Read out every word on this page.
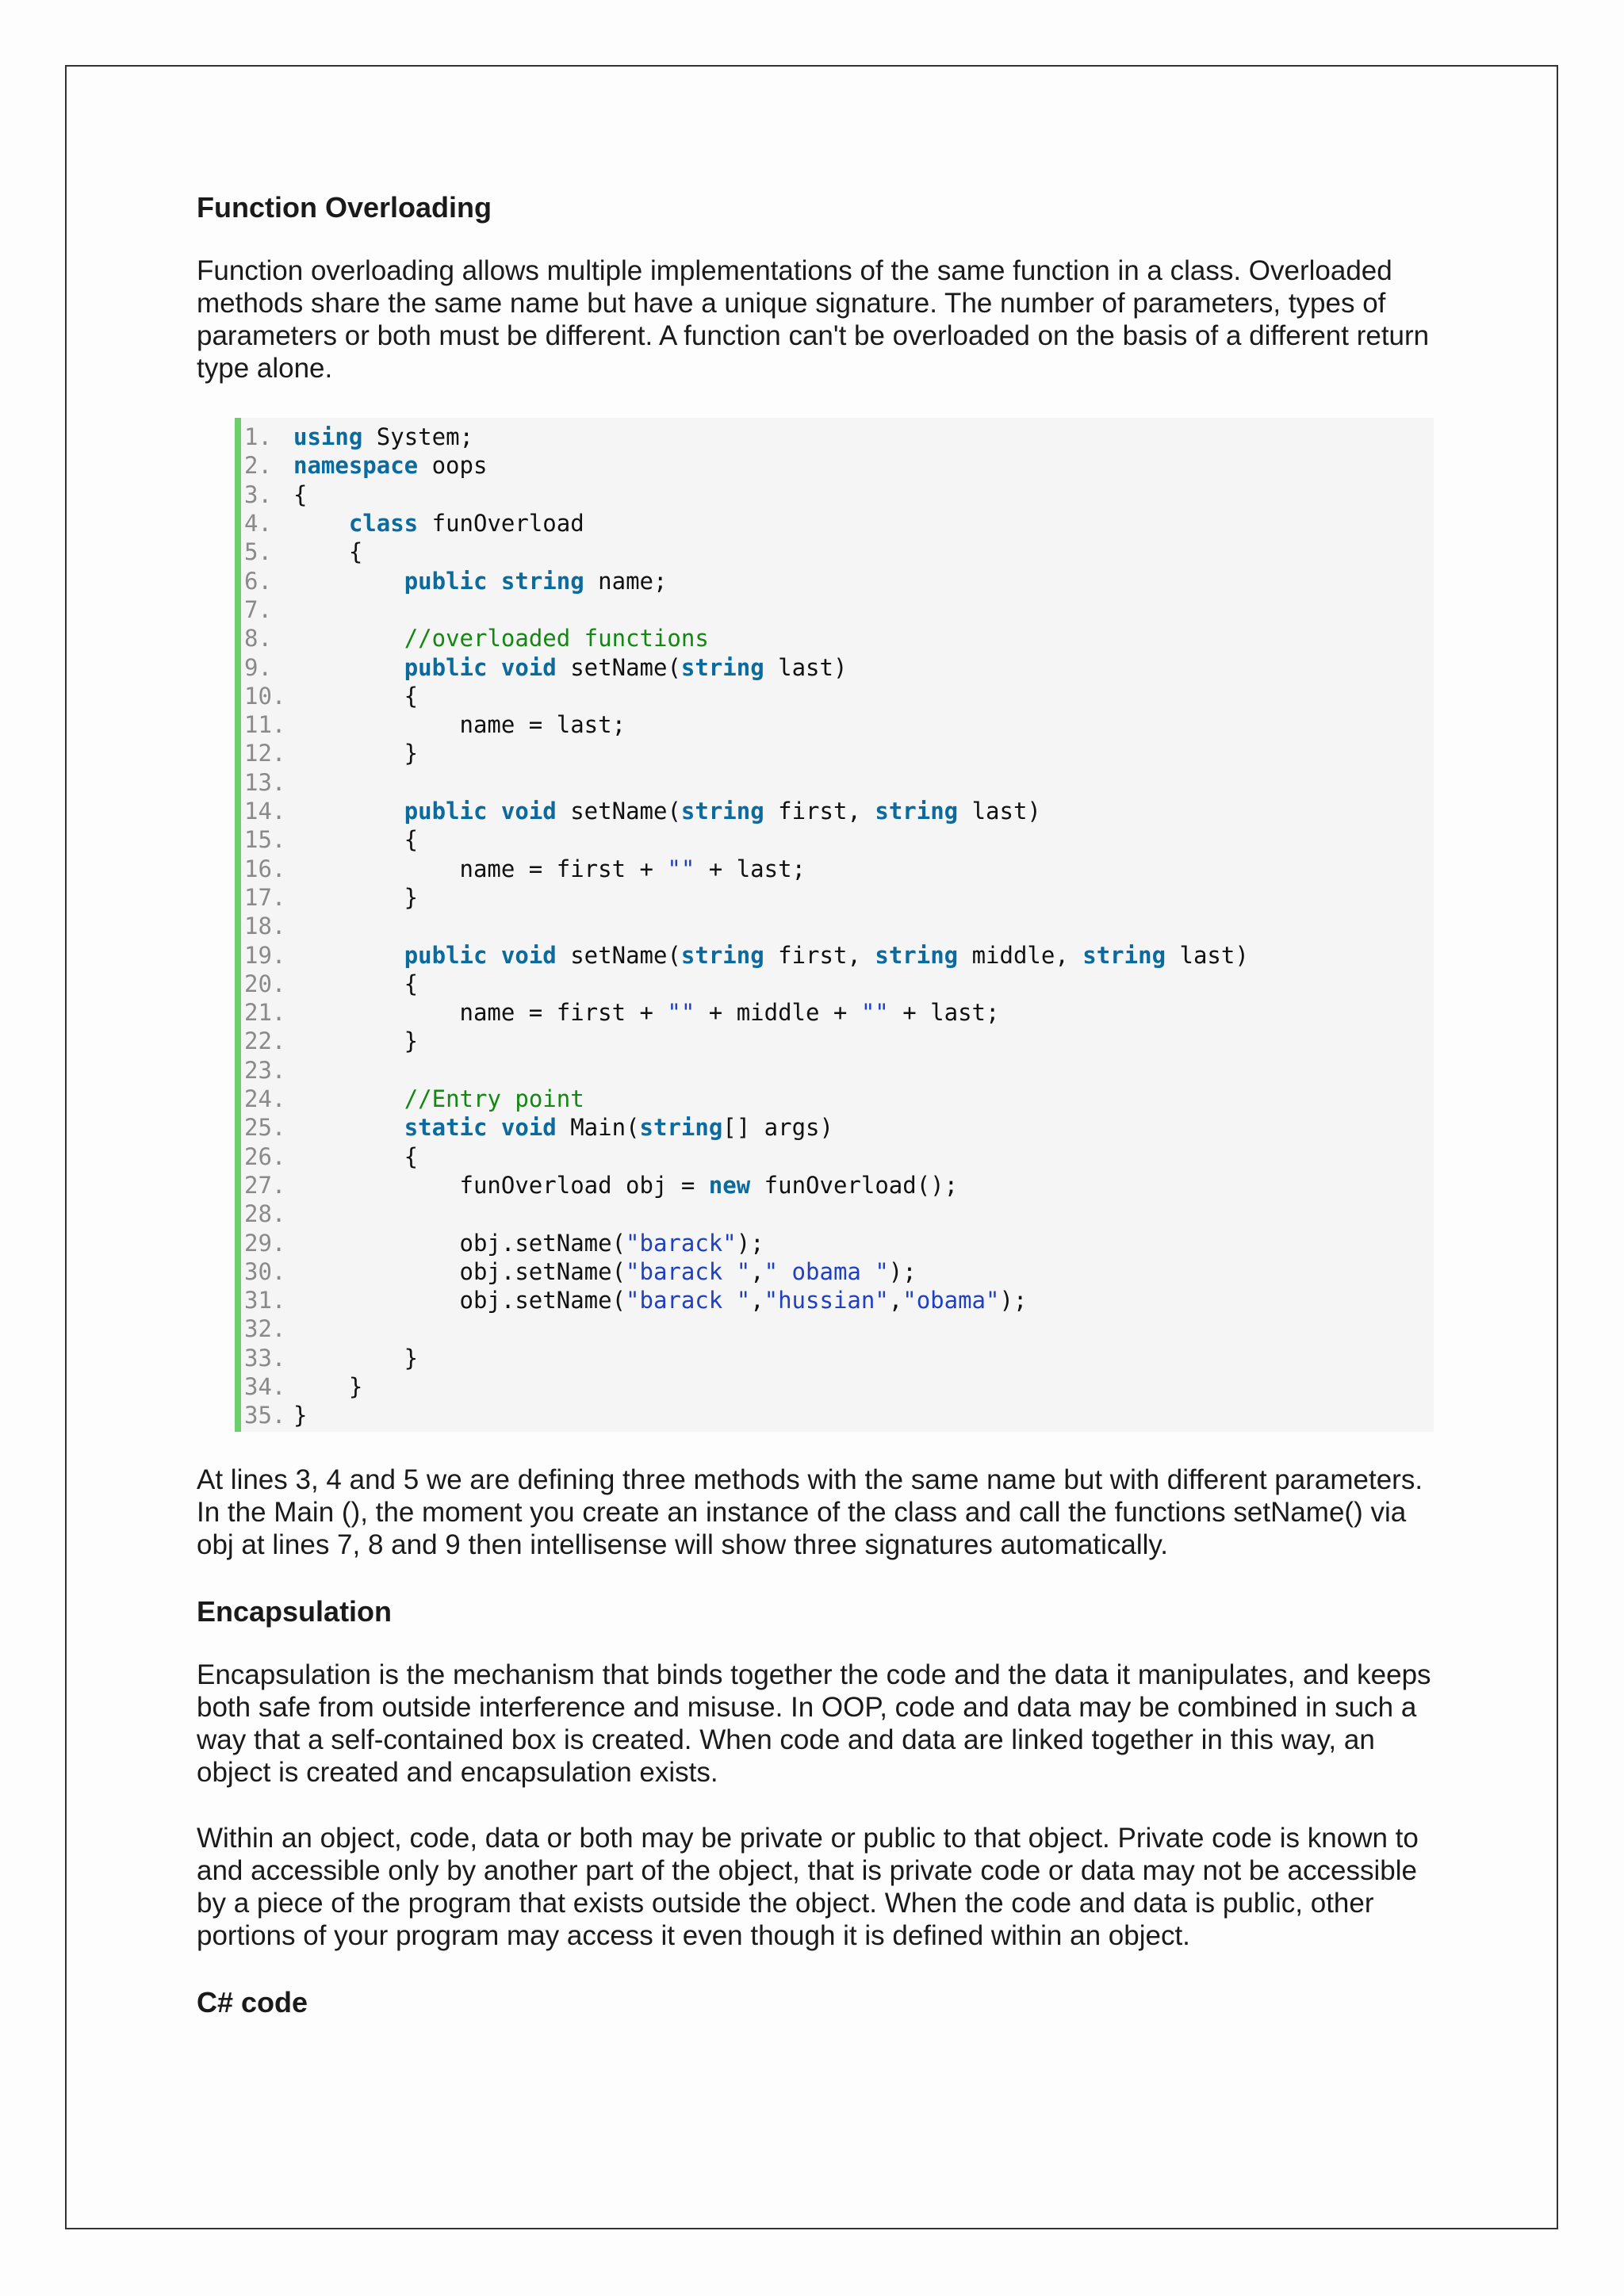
Function Overloading

Function overloading allows multiple implementations of the same function in a class. Overloaded methods share the same name but have a unique signature. The number of parameters, types of parameters or both must be different. A function can't be overloaded on the basis of a different return type alone.

1. using System;
2. namespace oops
3. {
4.	class funOverload
5. {
6.	public string name;
7.
8.	//overloaded functions
9.	public void setName(string last)
10. {
11. name = last;
12. }
13.
14.	public void setName(string first, string last)
15. {
16. name = first + "" + last;
17. }
18.
19.	public void setName(string first, string middle, string last)
20. {
21. name = first + "" + middle + "" + last;
22. }
23.
24.	//Entry point
25.	static void Main(string[] args)
26. {
27. funOverload obj = new funOverload();
28.
29. obj.setName("barack");
30. obj.setName("barack "," obama ");
31. obj.setName("barack ","hussian","obama");
32.
33. }
34. }
35. }

At lines 3, 4 and 5 we are defining three methods with the same name but with different parameters. In the Main (), the moment you create an instance of the class and call the functions setName() via obj at lines 7, 8 and 9 then intellisense will show three signatures automatically.

Encapsulation

Encapsulation is the mechanism that binds together the code and the data it manipulates, and keeps both safe from outside interference and misuse. In OOP, code and data may be combined in such a way that a self-contained box is created. When code and data are linked together in this way, an object is created and encapsulation exists.

Within an object, code, data or both may be private or public to that object. Private code is known to and accessible only by another part of the object, that is private code or data may not be accessible by a piece of the program that exists outside the object. When the code and data is public, other portions of your program may access it even though it is defined within an object.

C# code
